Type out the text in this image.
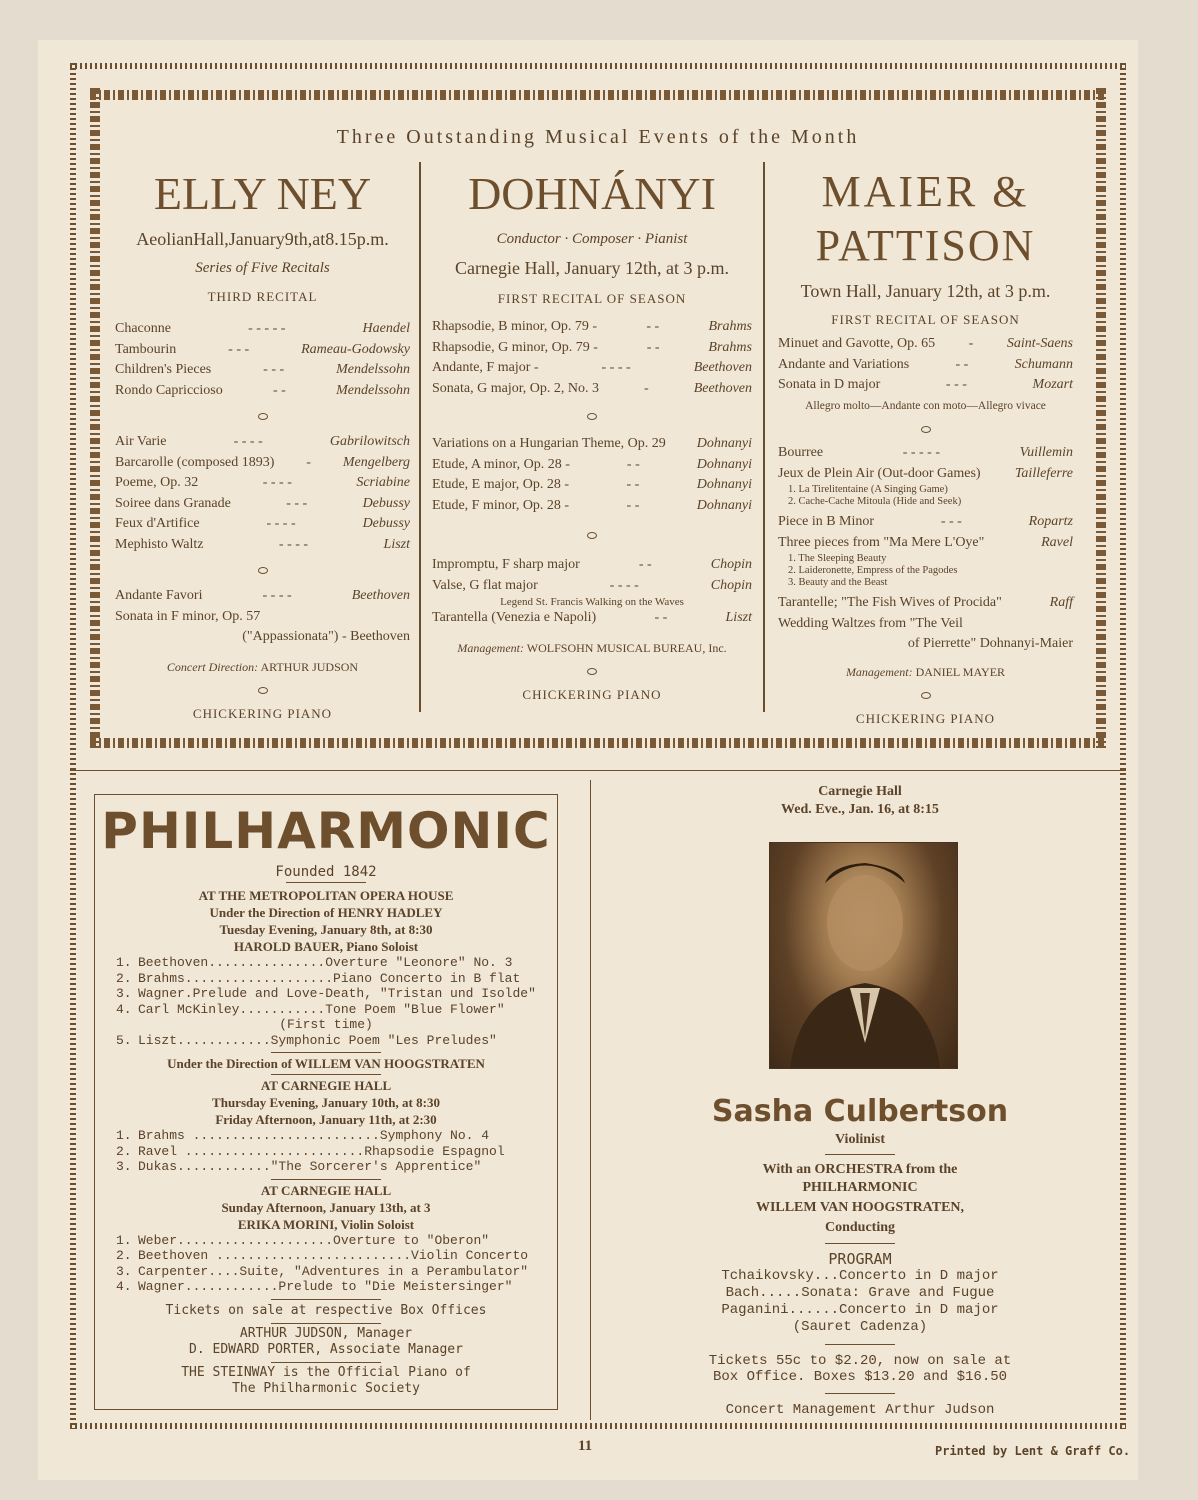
Three Outstanding Musical Events of the Month
ELLY NEY
AeolianHall,January9th,at8.15p.m.
Series of Five Recitals
THIRD RECITAL
Chaconne	- - - - -	Haendel
Tambourin	- - -	Rameau-Godowsky
Children's Pieces	- - -	Mendelssohn
Rondo Capriccioso	- -	Mendelssohn
Air Varie	- - - -	Gabrilowitsch
Barcarolle (composed 1893) - Mengelberg
Poeme, Op. 32	- - - -	Scriabine
Soiree dans Granade	- - -	Debussy
Feux d'Artifice	- - - -	Debussy
Mephisto Waltz	- - - -	Liszt
Andante Favori	- - - -	Beethoven
Sonata in F minor, Op. 57
("Appassionata") - Beethoven
Concert Direction: ARTHUR JUDSON
CHICKERING PIANO
DOHNÁNYI
Conductor · Composer · Pianist
Carnegie Hall, January 12th, at 3 p.m.
FIRST RECITAL OF SEASON
Rhapsodie, B minor, Op. 79 -	- -	Brahms
Rhapsodie, G minor, Op. 79 -	- -	Brahms
Andante, F major -	- - - -	Beethoven
Sonata, G major, Op. 2, No. 3	-	Beethoven
Variations on a Hungarian Theme, Op. 29 Dohnanyi
Etude, A minor, Op. 28 -	- -	Dohnanyi
Etude, E major, Op. 28 -	- -	Dohnanyi
Etude, F minor, Op. 28 -	- -	Dohnanyi
Impromptu, F sharp major	- -	Chopin
Valse, G flat major	- - - -	Chopin
Legend St. Francis Walking on the Waves
Tarantella (Venezia e Napoli)	- -	Liszt
Management: WOLFSOHN MUSICAL BUREAU, Inc.
CHICKERING PIANO
MAIER &
PATTISON
Town Hall, January 12th, at 3 p.m.
FIRST RECITAL OF SEASON
Minuet and Gavotte, Op. 65 - Saint-Saens
Andante and Variations	- -	Schumann
Sonata in D major	- - -	Mozart
Allegro molto—Andante con moto—Allegro vivace
Bourree	- - - - -	Vuillemin
Jeux de Plein Air (Out-door Games) Tailleferre
1. La Tirelitentaine (A Singing Game)
2. Cache-Cache Mitoula (Hide and Seek)
Piece in B Minor	- - -	Ropartz
Three pieces from "Ma Mere L'Oye"	Ravel
1. The Sleeping Beauty
2. Laideronette, Empress of the Pagodes
3. Beauty and the Beast
Tarantelle; "The Fish Wives of Procida"	Raff
Wedding Waltzes from "The Veil
of Pierrette" Dohnanyi-Maier
Management: DANIEL MAYER
CHICKERING PIANO
PHILHARMONIC
Founded 1842
AT THE METROPOLITAN OPERA HOUSE
Under the Direction of HENRY HADLEY
Tuesday Evening, January 8th, at 8:30
HAROLD BAUER, Piano Soloist
1. Beethoven...............Overture "Leonore" No. 3
2. Brahms...................Piano Concerto in B flat
3. Wagner.Prelude and Love-Death, "Tristan und Isolde"
4. Carl McKinley...........Tone Poem "Blue Flower"
(First time)
5. Liszt............Symphonic Poem "Les Preludes"
Under the Direction of WILLEM VAN HOOGSTRATEN
AT CARNEGIE HALL
Thursday Evening, January 10th, at 8:30
Friday Afternoon, January 11th, at 2:30
1. Brahms ........................Symphony No. 4
2. Ravel .......................Rhapsodie Espagnol
3. Dukas............"The Sorcerer's Apprentice"
AT CARNEGIE HALL
Sunday Afternoon, January 13th, at 3
ERIKA MORINI, Violin Soloist
1. Weber....................Overture to "Oberon"
2. Beethoven .........................Violin Concerto
3. Carpenter....Suite, "Adventures in a Perambulator"
4. Wagner............Prelude to "Die Meistersinger"
Tickets on sale at respective Box Offices
ARTHUR JUDSON, Manager
D. EDWARD PORTER, Associate Manager
THE STEINWAY is the Official Piano of
The Philharmonic Society
Carnegie Hall
Wed. Eve., Jan. 16, at 8:15
Sasha Culbertson
Violinist
With an ORCHESTRA from the
PHILHARMONIC
WILLEM VAN HOOGSTRATEN,
Conducting
PROGRAM
Tchaikovsky...Concerto in D major
Bach.....Sonata: Grave and Fugue
Paganini......Concerto in D major
(Sauret Cadenza)
Tickets 55c to $2.20, now on sale at
Box Office. Boxes $13.20 and $16.50
Concert Management Arthur Judson
11	Printed by Lent & Graff Co.
